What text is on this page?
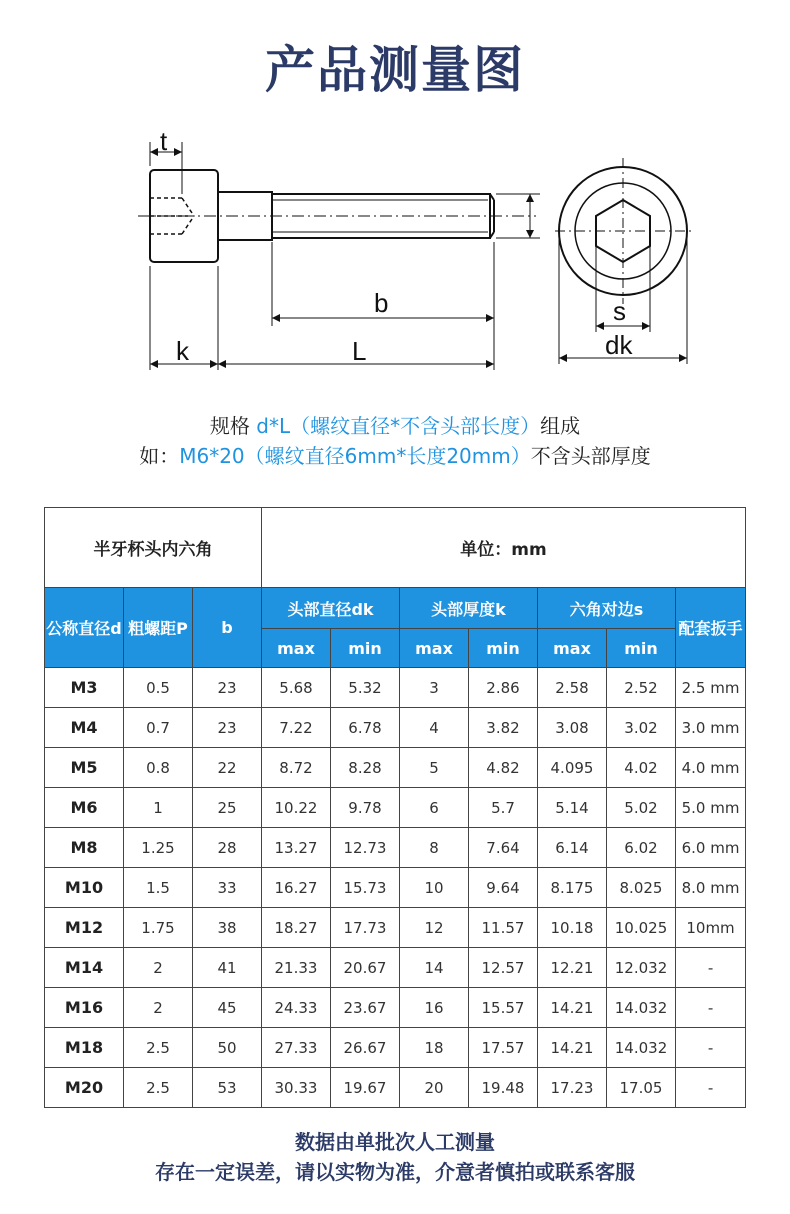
产品测量图
t
b
k	L
s
dk
规格 d*L（螺纹直径*不含头部长度）组成
如：M6*20（螺纹直径6mm*长度20mm）不含头部厚度
半牙杯头内六角			单位：mm						
公称直径d	粗螺距P	b	头部直径dk		头部厚度k		六角对边s		配套扳手
			max	min	max	min	max	min	
M3	0.5	23	5.68	5.32	3	2.86	2.58	2.52	2.5 mm
M4	0.7	23	7.22	6.78	4	3.82	3.08	3.02	3.0 mm
M5	0.8	22	8.72	8.28	5	4.82	4.095	4.02	4.0 mm
M6	1	25	10.22	9.78	6	5.7	5.14	5.02	5.0 mm
M8	1.25	28	13.27	12.73	8	7.64	6.14	6.02	6.0 mm
M10	1.5	33	16.27	15.73	10	9.64	8.175	8.025	8.0 mm
M12	1.75	38	18.27	17.73	12	11.57	10.18	10.025	10mm
M14	2	41	21.33	20.67	14	12.57	12.21	12.032	-
M16	2	45	24.33	23.67	16	15.57	14.21	14.032	-
M18	2.5	50	27.33	26.67	18	17.57	14.21	14.032	-
M20	2.5	53	30.33	19.67	20	19.48	17.23	17.05	-
数据由单批次人工测量
存在一定误差，请以实物为准，介意者慎拍或联系客服
